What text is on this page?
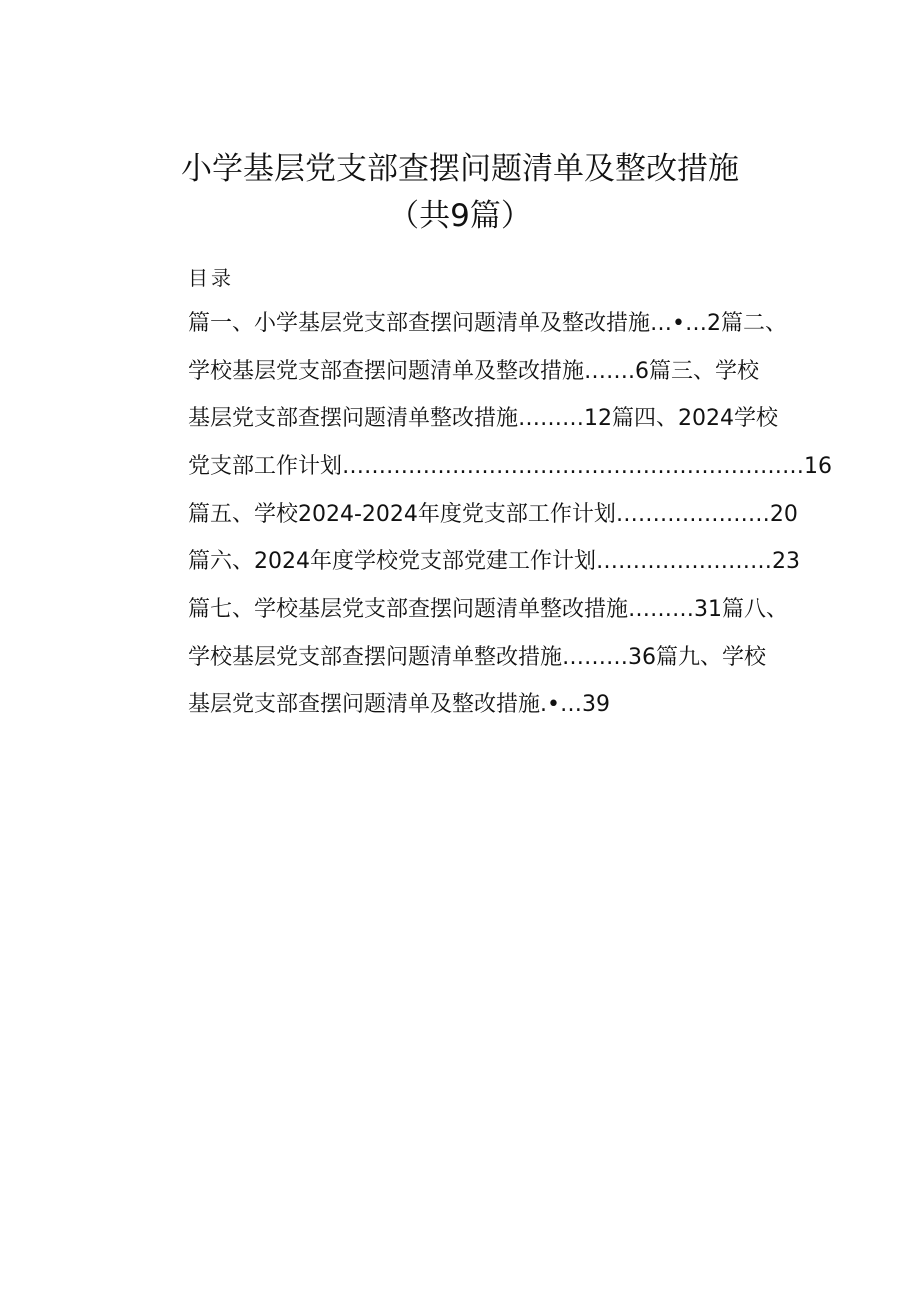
小学基层党支部查摆问题清单及整改措施
（共9篇）
目录
篇一、小学基层党支部查摆问题清单及整改措施…•…2篇二、
学校基层党支部查摆问题清单及整改措施…….6篇三、学校
基层党支部查摆问题清单整改措施………12篇四、2024学校
党支部工作计划………………………………………………………16
篇五、学校2024-2024年度党支部工作计划…………………20
篇六、2024年度学校党支部党建工作计划……………………23
篇七、学校基层党支部查摆问题清单整改措施………31篇八、
学校基层党支部查摆问题清单整改措施………36篇九、学校
基层党支部查摆问题清单及整改措施.•…39
